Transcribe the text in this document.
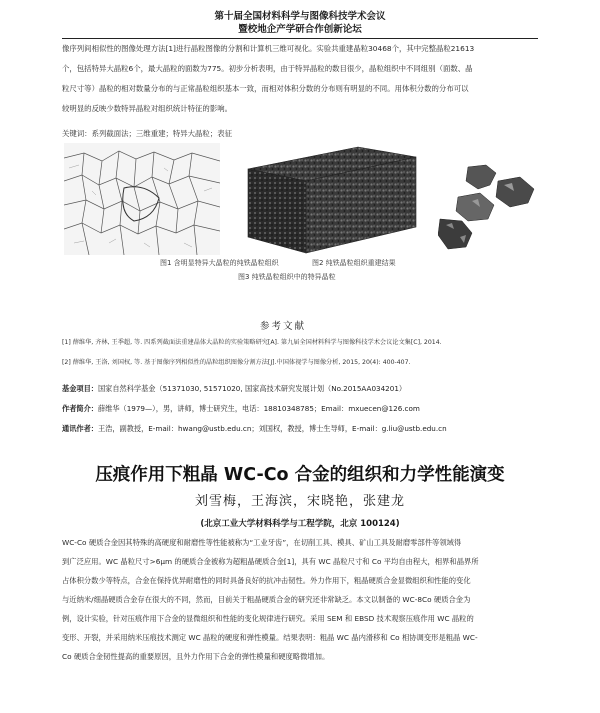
第十届全国材料科学与图像科技学术会议
暨校地企产学研合作创新论坛
像序列间相似性的图像处理方法[1]进行晶粒图像的分割和计算机三维可视化。实验共重建晶粒30468个，其中完整晶粒21613
个，包括特异大晶粒6个，最大晶粒的面数为775。初步分析表明，由于特异晶粒的数目很少，晶粒组织中不同组别（面数、晶
粒尺寸等）晶粒的相对数量分布的与正常晶粒组织基本一致，而相对体积分数的分布则有明显的不同。用体积分数的分布可以
较明显的反映少数特异晶粒对组织统计特征的影响。
关键词：系列截面法；三维重建；特异大晶粒；表征
图1 含明显特异大晶粒的纯铁晶粒组织	图2 纯铁晶粒组织重建结果
图3 纯铁晶粒组织中的特异晶粒
参考文献
[1] 薛维华, 齐林, 王季超, 等. 四系列截面法重建晶体大晶粒的实验策略研究[A]. 第九届全国材料科学与图像科技学术会议论文集[C], 2014.
[2] 薛维华, 王洛, 刘国权, 等. 基于图像序列相似性的晶粒组织图像分割方法[J].中国体视学与图像分析, 2015, 20(4): 400-407.
基金项目：国家自然科学基金（51371030, 51571020, 国家高技术研究发展计划（No.2015AA034201）
作者简介：薛维华（1979—），男，讲师，博士研究生，电话：18810348785；Email：mxuecen@126.com
通讯作者：王浩，副教授，E-mail：hwang@ustb.edu.cn；刘国权，教授，博士生导师，E-mail：g.liu@ustb.edu.cn
压痕作用下粗晶 WC-Co 合金的组织和力学性能演变
刘雪梅，王海滨，宋晓艳，张建龙
(北京工业大学材料科学与工程学院，北京 100124)
WC-Co 硬质合金因其特殊的高硬度和耐磨性等性能被称为“工业牙齿”，在切削工具、模具、矿山工具及耐磨零部件等领域得
到广泛应用。WC 晶粒尺寸>6μm 的硬质合金被称为超粗晶硬质合金[1]，具有 WC 晶粒尺寸和 Co 平均自由程大，相界和晶界所
占体积分数少等特点，合金在保持优异耐磨性的同时具备良好的抗冲击韧性。外力作用下，粗晶硬质合金显微组织和性能的变化
与近纳米/细晶硬质合金存在很大的不同，然而，目前关于粗晶硬质合金的研究还非常缺乏。本文以制备的 WC-8Co 硬质合金为
例，设计实验，针对压痕作用下合金的显微组织和性能的变化规律进行研究。采用 SEM 和 EBSD 技术观察压痕作用 WC 晶粒的
变形、开裂，并采用纳米压痕技术测定 WC 晶粒的硬度和弹性模量。结果表明：粗晶 WC 晶内滑移和 Co 相协调变形是粗晶 WC-
Co 硬质合金韧性提高的重要原因，且外力作用下合金的弹性模量和硬度略微增加。
